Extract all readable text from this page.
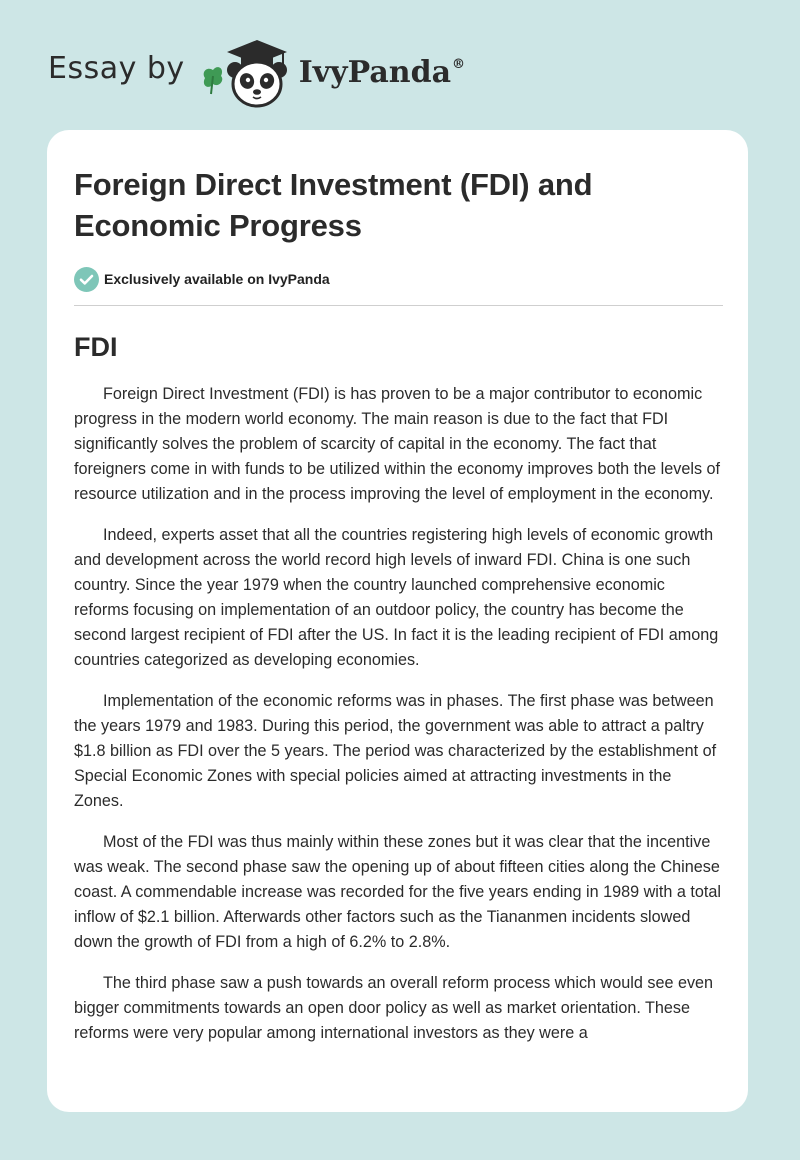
Essay by	IvyPanda®
Foreign Direct Investment (FDI) and Economic Progress
Exclusively available on IvyPanda
FDI

Foreign Direct Investment (FDI) is has proven to be a major contributor to economic progress in the modern world economy. The main reason is due to the fact that FDI significantly solves the problem of scarcity of capital in the economy. The fact that foreigners come in with funds to be utilized within the economy improves both the levels of resource utilization and in the process improving the level of employment in the economy.

Indeed, experts asset that all the countries registering high levels of economic growth and development across the world record high levels of inward FDI. China is one such country. Since the year 1979 when the country launched comprehensive economic reforms focusing on implementation of an outdoor policy, the country has become the second largest recipient of FDI after the US. In fact it is the leading recipient of FDI among countries categorized as developing economies.

Implementation of the economic reforms was in phases. The first phase was between the years 1979 and 1983. During this period, the government was able to attract a paltry $1.8 billion as FDI over the 5 years. The period was characterized by the establishment of Special Economic Zones with special policies aimed at attracting investments in the Zones.

Most of the FDI was thus mainly within these zones but it was clear that the incentive was weak. The second phase saw the opening up of about fifteen cities along the Chinese coast. A commendable increase was recorded for the five years ending in 1989 with a total inflow of $2.1 billion. Afterwards other factors such as the Tiananmen incidents slowed down the growth of FDI from a high of 6.2% to 2.8%.

The third phase saw a push towards an overall reform process which would see even bigger commitments towards an open door policy as well as market orientation. These reforms were very popular among international investors as they were a
